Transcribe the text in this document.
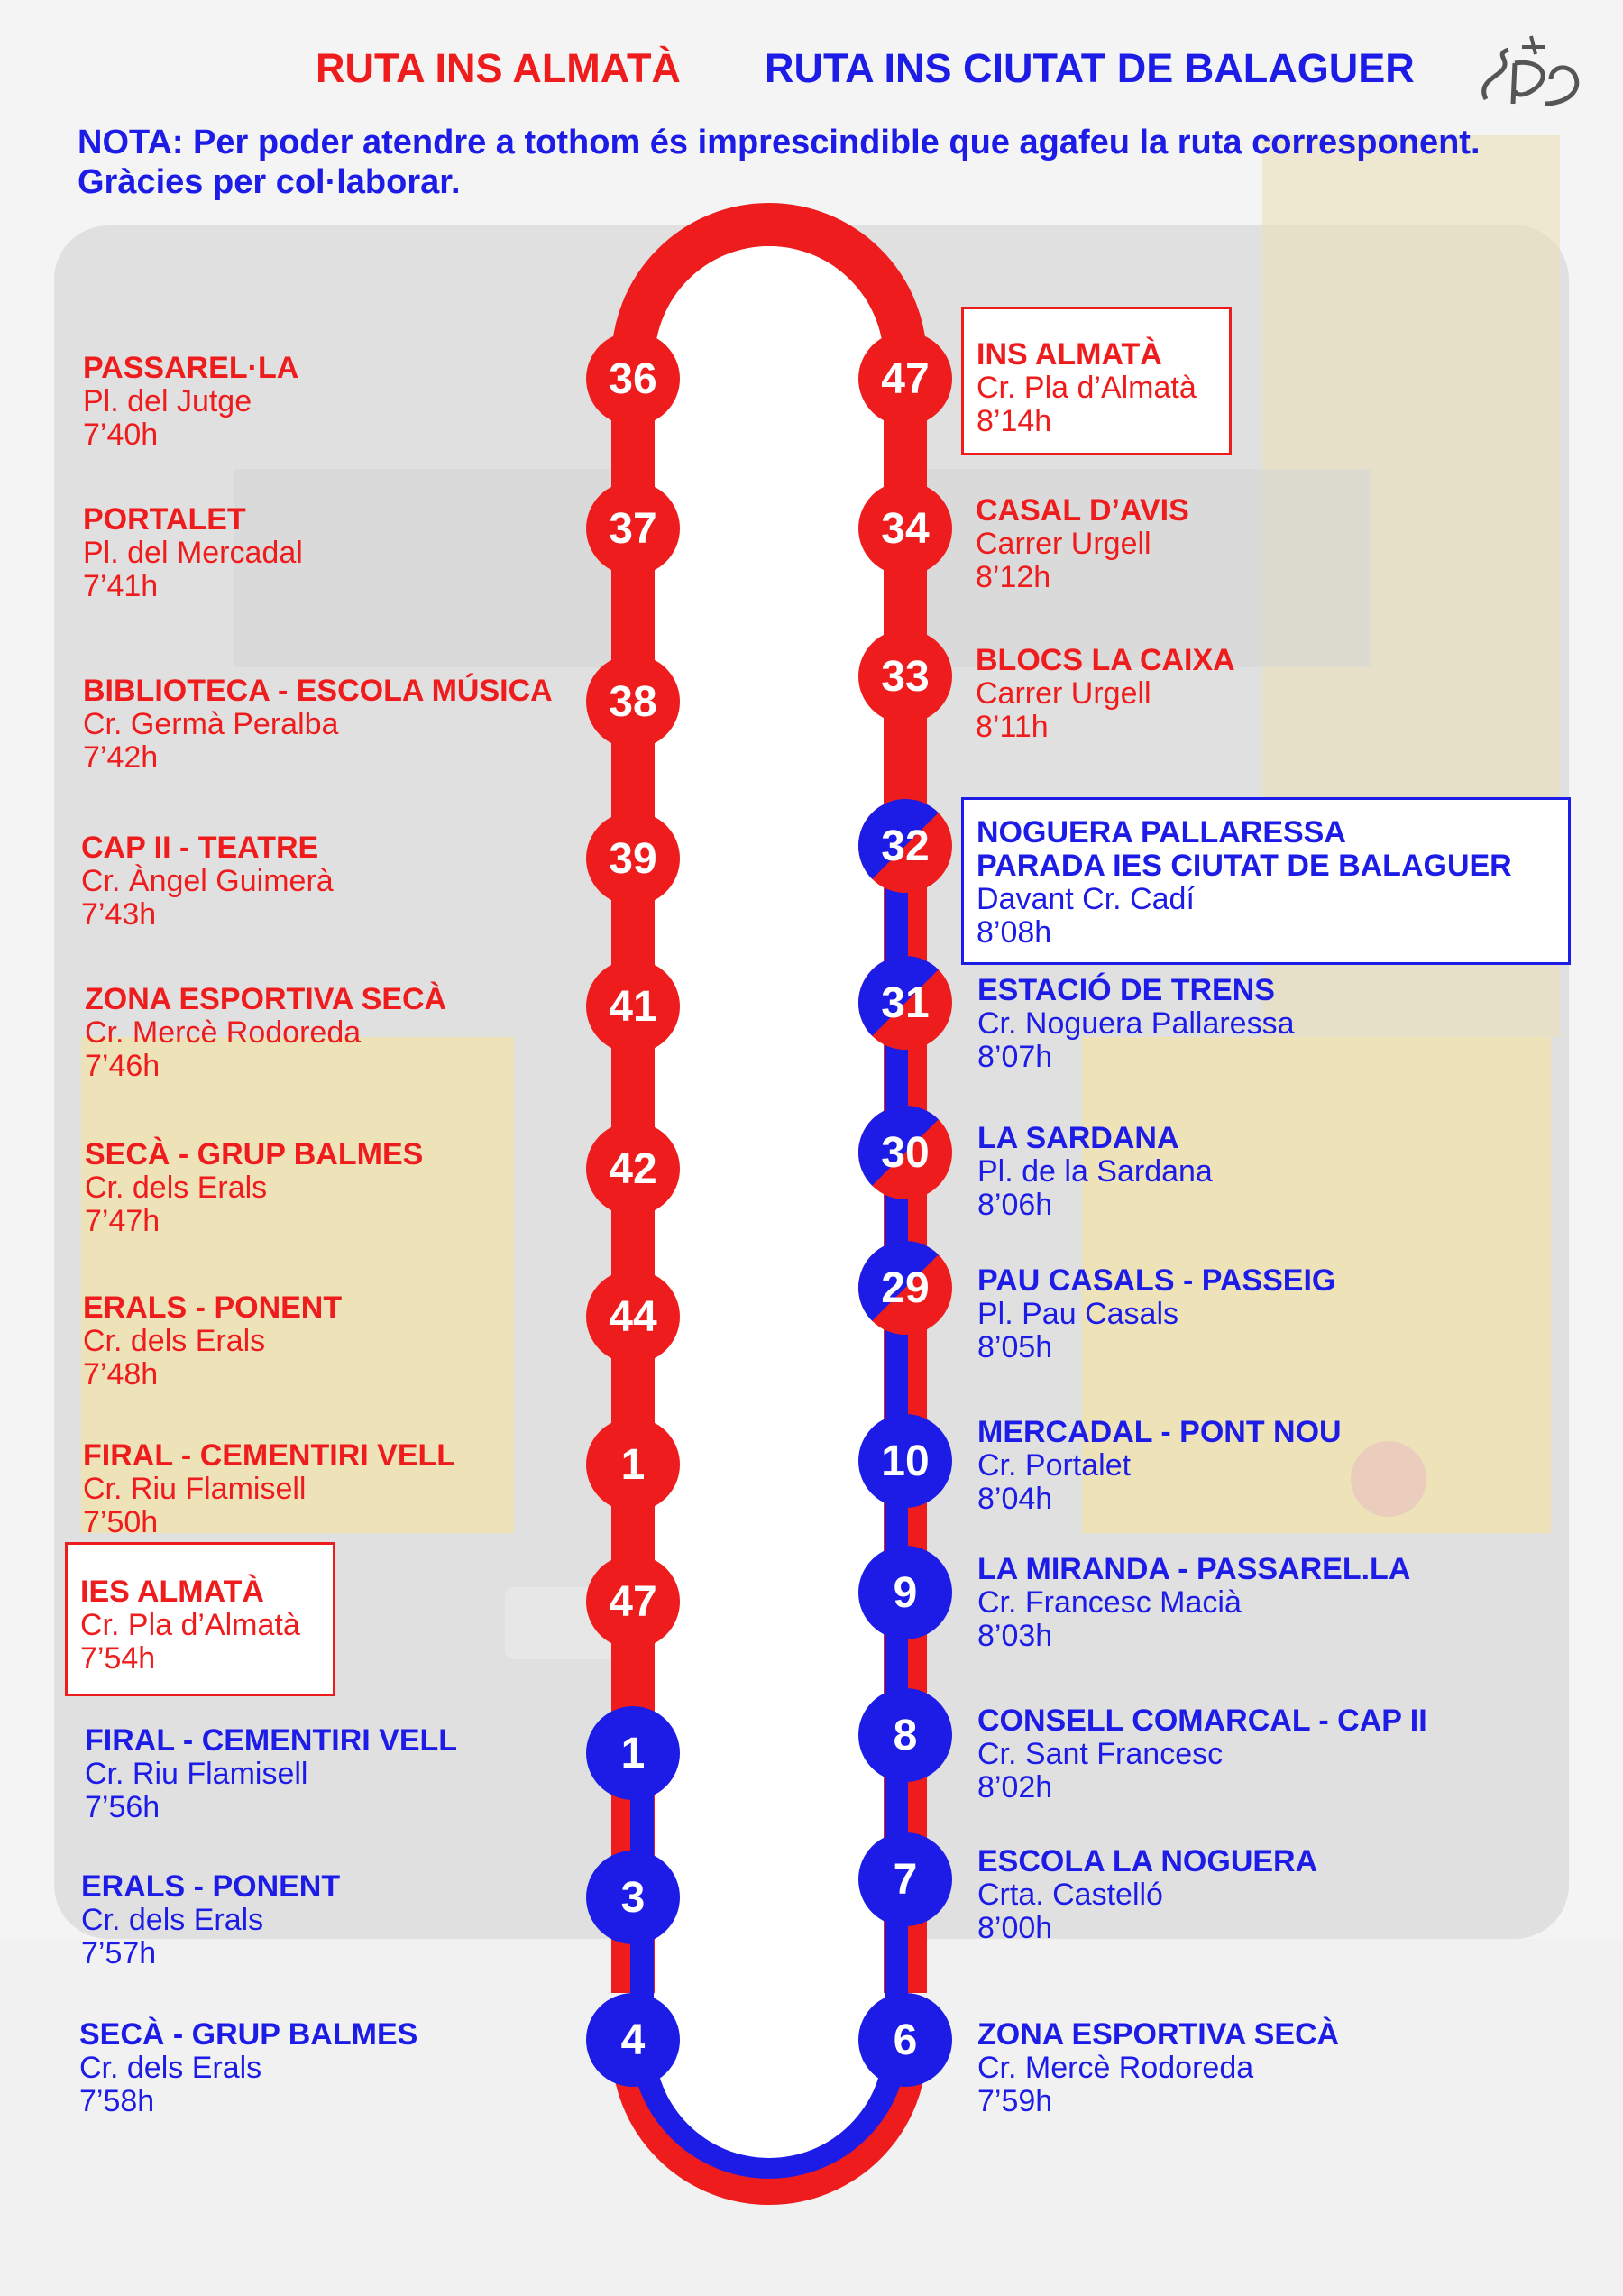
RUTA INS ALMATÀ RUTA INS CIUTAT DE BALAGUER
NOTA: Per poder atendre a tothom és imprescindible que agafeu la ruta corresponent.
Gràcies per col·laborar.
36
37
38
39
41
42
44
1
47
1
3
4
47
34
33
32
31
30
29
10
9
8
7
6
PASSAREL·LA
Pl. del Jutge
7’40h
PORTALET
Pl. del Mercadal
7’41h
BIBLIOTECA - ESCOLA MÚSICA
Cr. Germà Peralba
7’42h
CAP II - TEATRE
Cr. Àngel Guimerà
7’43h
ZONA ESPORTIVA SECÀ
Cr. Mercè Rodoreda
7’46h
SECÀ - GRUP BALMES
Cr. dels Erals
7’47h
ERALS - PONENT
Cr. dels Erals
7’48h
FIRAL - CEMENTIRI VELL
Cr. Riu Flamisell
7’50h
IES ALMATÀ
Cr. Pla d’Almatà
7’54h
FIRAL - CEMENTIRI VELL
Cr. Riu Flamisell
7’56h
ERALS - PONENT
Cr. dels Erals
7’57h
SECÀ - GRUP BALMES
Cr. dels Erals
7’58h
INS ALMATÀ
Cr. Pla d’Almatà
8’14h
CASAL D’AVIS
Carrer Urgell
8’12h
BLOCS LA CAIXA
Carrer Urgell
8’11h
NOGUERA PALLARESSA
PARADA IES CIUTAT DE BALAGUER
Davant Cr. Cadí
8’08h
ESTACIÓ DE TRENS
Cr. Noguera Pallaressa
8’07h
LA SARDANA
Pl. de la Sardana
8’06h
PAU CASALS - PASSEIG
Pl. Pau Casals
8’05h
MERCADAL - PONT NOU
Cr. Portalet
8’04h
LA MIRANDA - PASSAREL.LA
Cr. Francesc Macià
8’03h
CONSELL COMARCAL - CAP II
Cr. Sant Francesc
8’02h
ESCOLA LA NOGUERA
Crta. Castelló
8’00h
ZONA ESPORTIVA SECÀ
Cr. Mercè Rodoreda
7’59h
